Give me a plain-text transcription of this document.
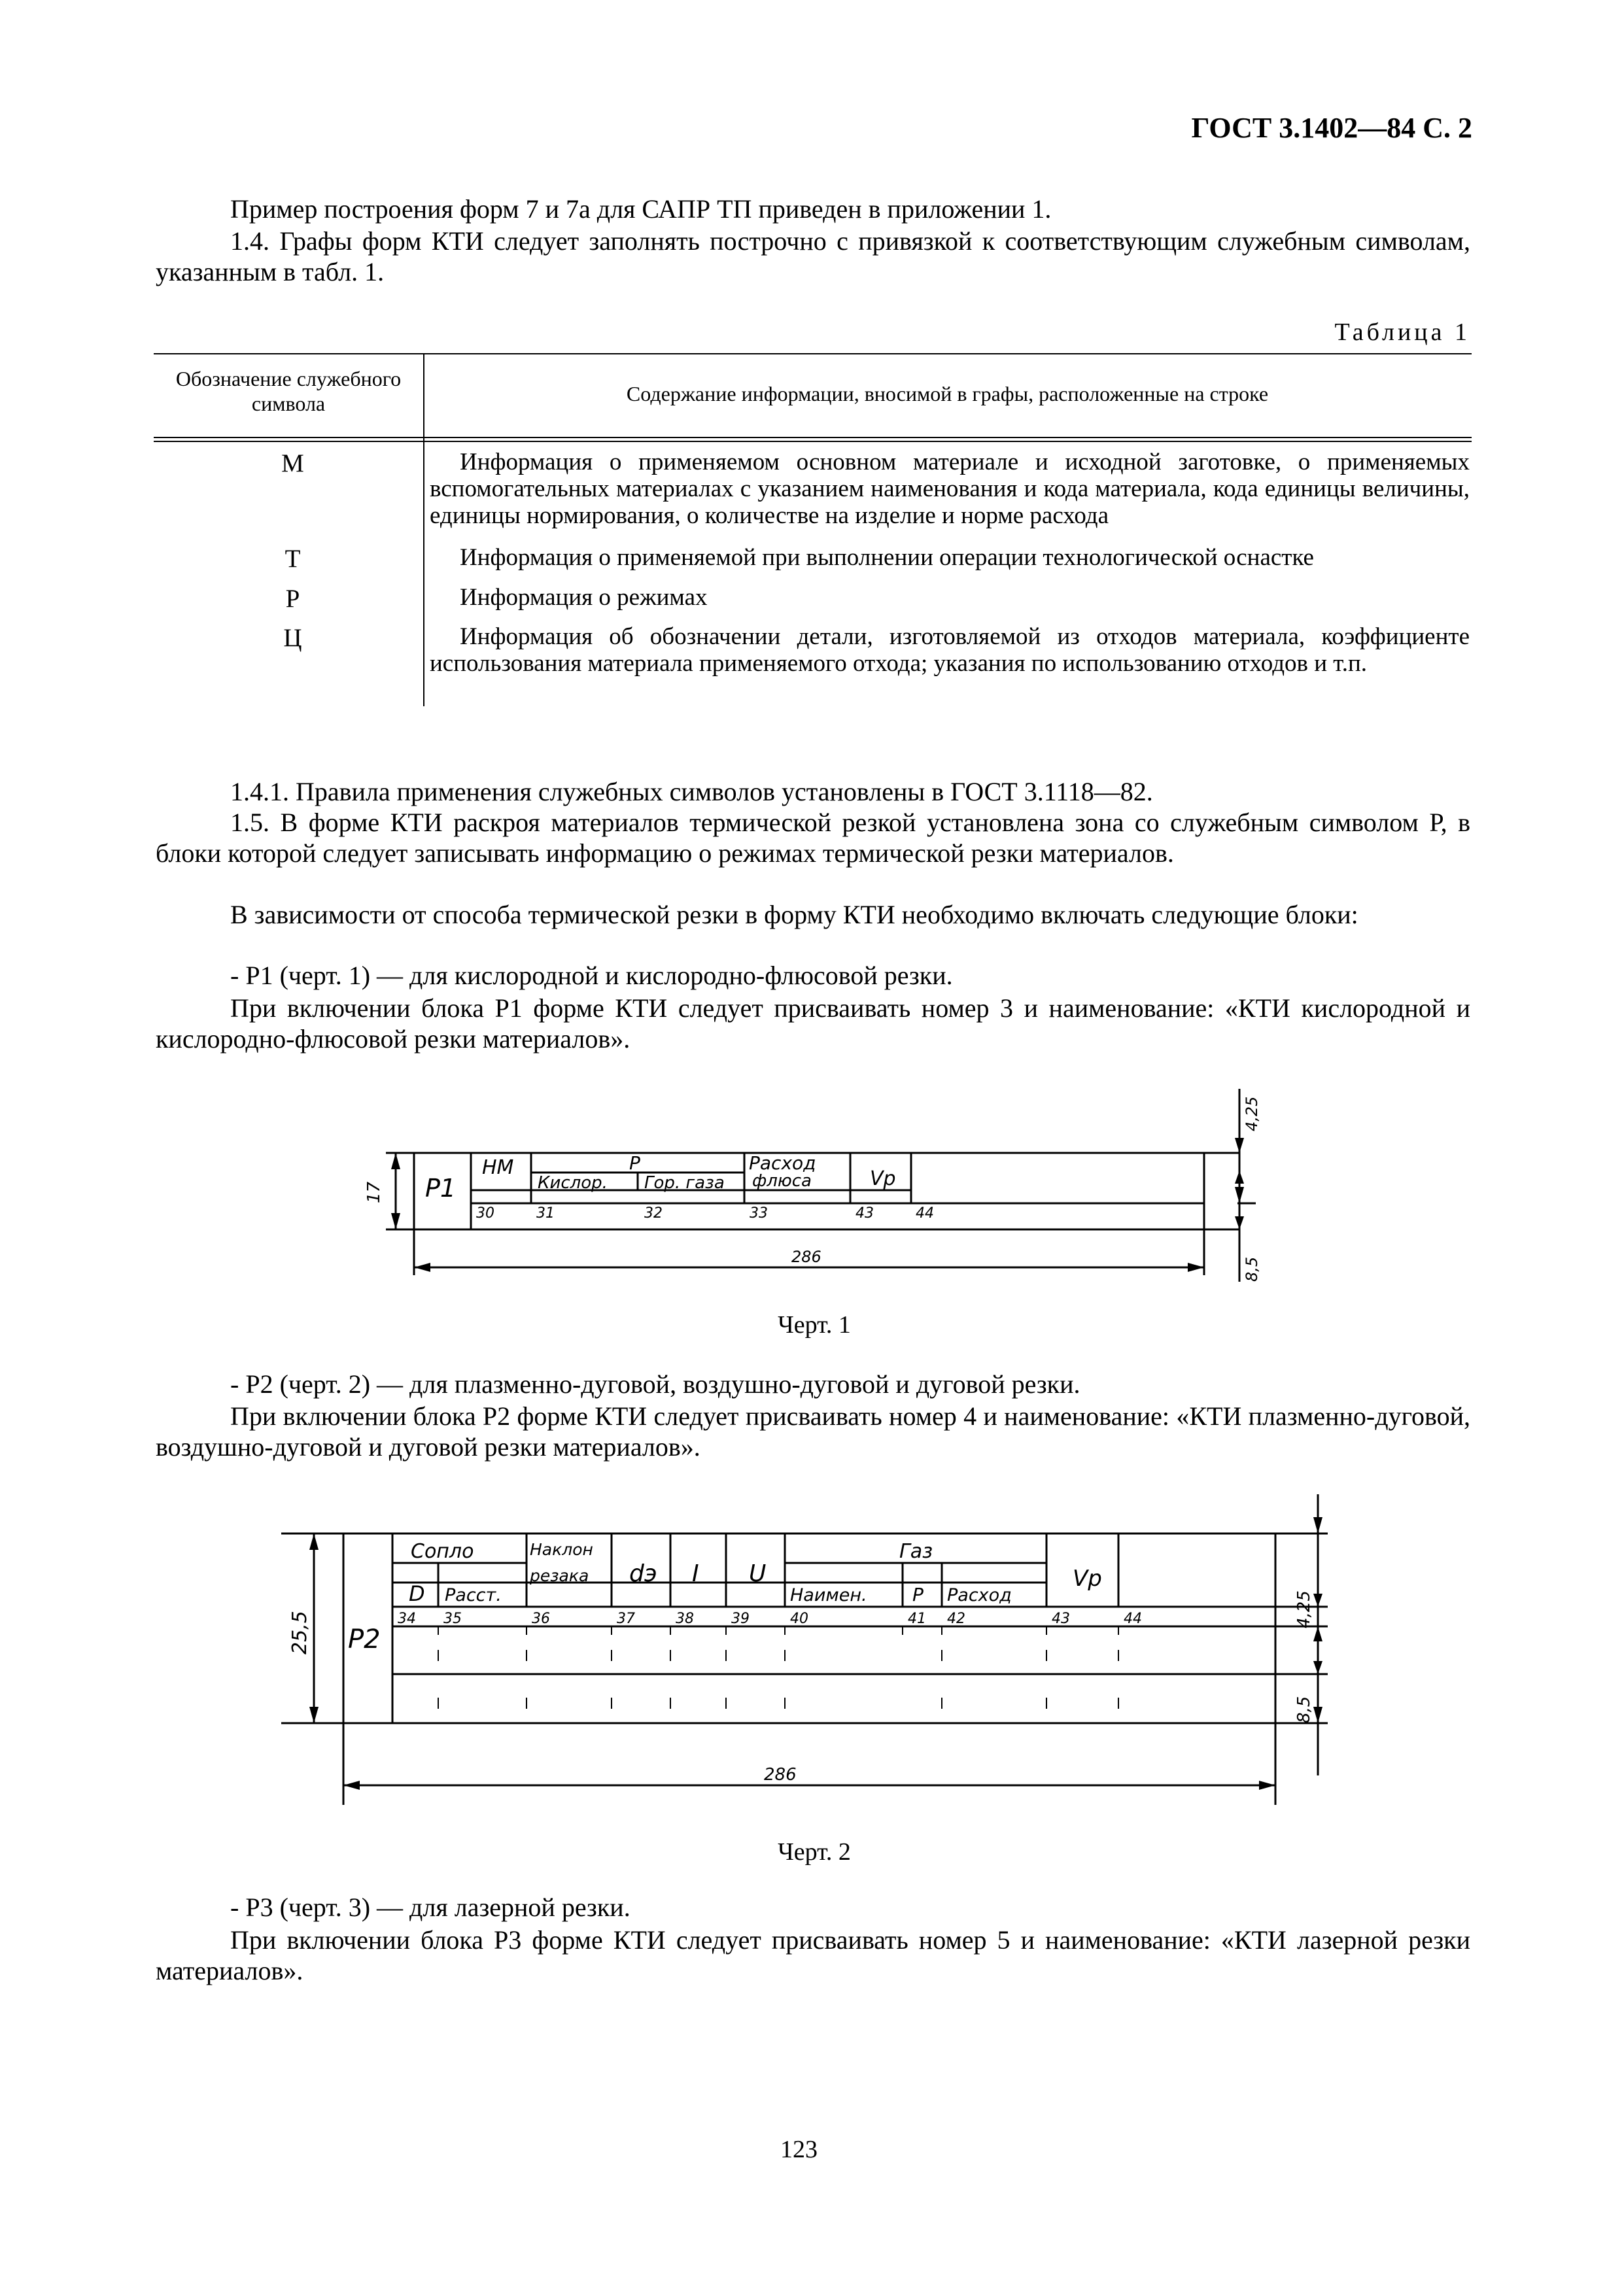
ГОСТ 3.1402—84 С. 2
Пример построения форм 7 и 7а для САПР ТП приведен в приложении 1.
1.4. Графы форм КТИ следует заполнять построчно с привязкой к соответствующим служебным символам, указанным в табл. 1.
Таблица 1
Обозначение служебного символа	Содержание информации, вносимой в графы, расположенные на строке
М	Информация о применяемом основном материале и исходной заготовке, о применяемых вспомогательных материалах с указанием наименования и кода материала, кода единицы величины, единицы нормирования, о количестве на изделие и норме расхода
Т	Информация о применяемой при выполнении операции технологической оснастке
Р	Информация о режимах
Ц	Информация об обозначении детали, изготовляемой из отходов материала, коэффициенте использования материала применяемого отхода; указания по использованию отходов и т.п.
1.4.1. Правила применения служебных символов установлены в ГОСТ 3.1118—82.
1.5. В форме КТИ раскроя материалов термической резкой установлена зона со служебным символом Р, в блоки которой следует записывать информацию о режимах термической резки материалов.
В зависимости от способа термической резки в форму КТИ необходимо включать следующие блоки:
- Р1 (черт. 1) — для кислородной и кислородно-флюсовой резки.
При включении блока Р1 форме КТИ следует присваивать номер 3 и наименование: «КТИ кислородной и кислородно-флюсовой резки материалов».
P1
НМ	Р
Кислор. Гор. газа
Расход
флюса	Vр
30	31	32	33	43	44
286
17
4,25
8,5
Черт. 1
- Р2 (черт. 2) — для плазменно-дуговой, воздушно-дуговой и дуговой резки.
При включении блока Р2 форме КТИ следует присваивать номер 4 и наименование: «КТИ плазменно-дуговой, воздушно-дуговой и дуговой резки материалов».
P2
Сопло
D Расст.
Наклон
резака dэ I U
Газ
Наимен. Р Расход
Vр
34 35	36	37	38	39	40	41 42	43	44
286
25,5
4,25
8,5
Черт. 2
- Р3 (черт. 3) — для лазерной резки.
При включении блока Р3 форме КТИ следует присваивать номер 5 и наименование: «КТИ лазерной резки материалов».
123
